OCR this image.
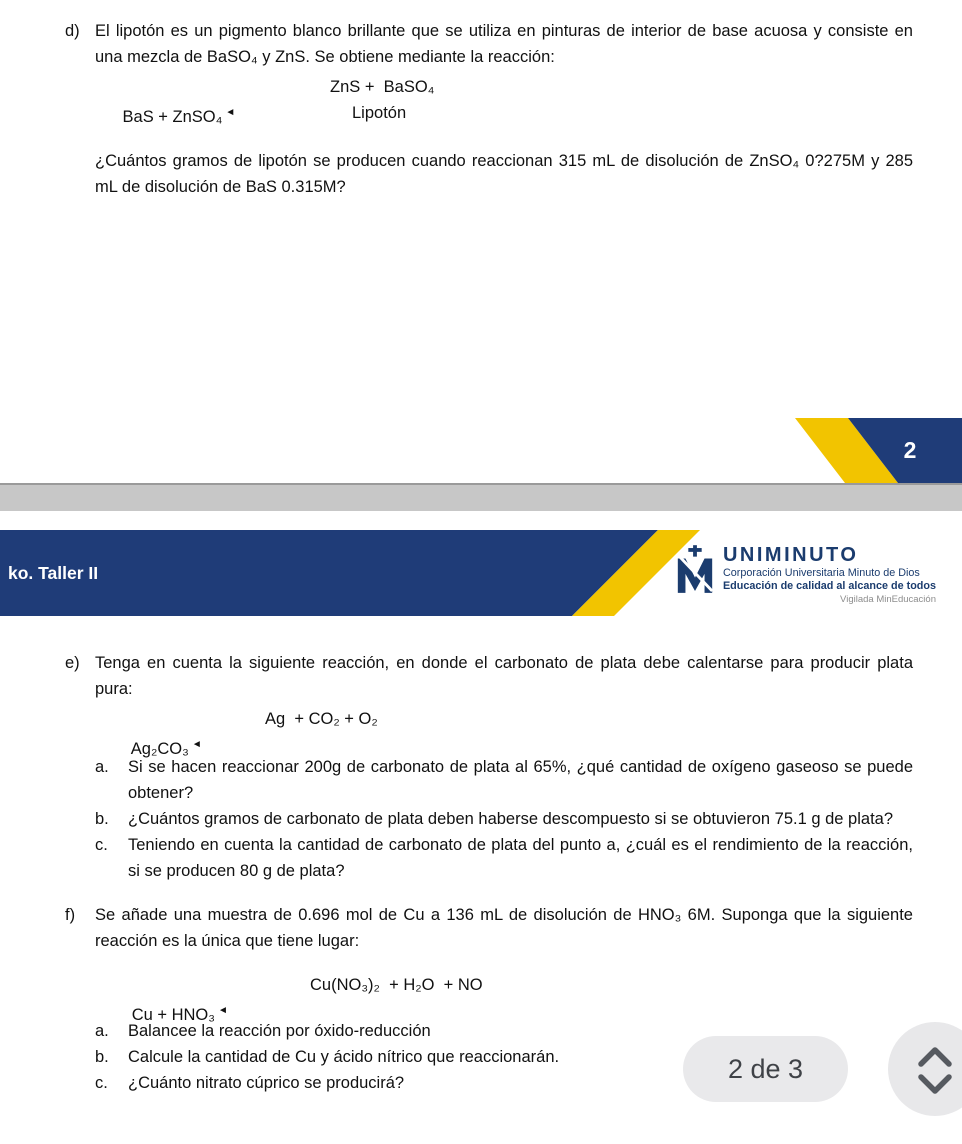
d) El lipotón es un pigmento blanco brillante que se utiliza en pinturas de interior de base acuosa y consiste en una mezcla de BaSO₄ y ZnS. Se obtiene mediante la reacción:

BaS + ZnSO₄ ◄

ZnS +  BaSO₄

Lipotón

¿Cuántos gramos de lipotón se producen cuando reaccionan 315 mL de disolución de ZnSO₄ 0?275M y 285 mL de disolución de BaS 0.315M?
2
ko. Taller II
UNIMINUTO
Corporación Universitaria Minuto de Dios
Educación de calidad al alcance de todos
Vigilada MinEducación
e) Tenga en cuenta la siguiente reacción, en donde el carbonato de plata debe calentarse para producir plata pura:

Ag₂CO₃ ◄

Ag  + CO₂ + O₂

a.	Si se hacen reaccionar 200g de carbonato de plata al 65%, ¿qué cantidad de oxígeno gaseoso se puede obtener?
b.	¿Cuántos gramos de carbonato de plata deben haberse descompuesto si se obtuvieron 75.1 g de plata?
c.	Teniendo en cuenta la cantidad de carbonato de plata del punto a, ¿cuál es el rendimiento de la reacción, si se producen 80 g de plata?
f)	Se añade una muestra de 0.696 mol de Cu a 136 mL de disolución de HNO₃ 6M. Suponga que la siguiente reacción es la única que tiene lugar:

Cu + HNO₃ ◄

Cu(NO₃)₂  + H₂O  + NO

a.	Balancee la reacción por óxido-reducción
b.	Calcule la cantidad de Cu y ácido nítrico que reaccionarán.
c.	¿Cuánto nitrato cúprico se producirá?	2 de 3
